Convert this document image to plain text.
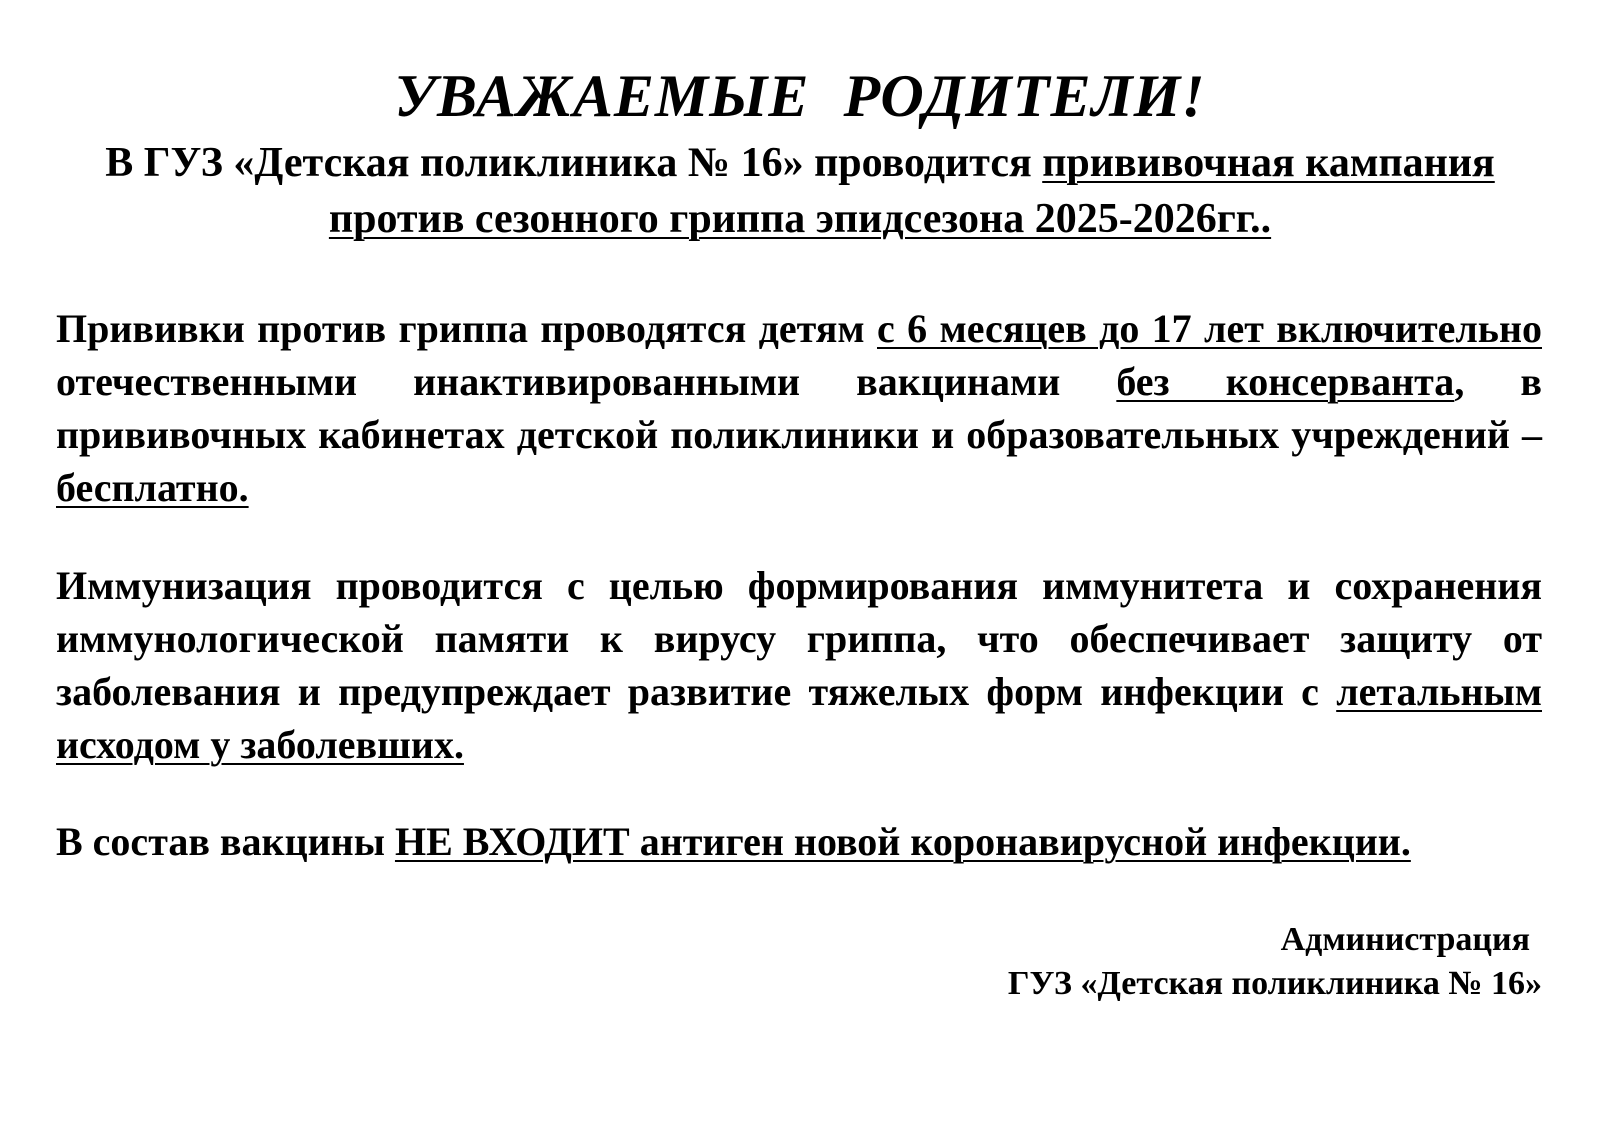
УВАЖАЕМЫЕ РОДИТЕЛИ!
В ГУЗ «Детская поликлиника № 16» проводится прививочная кампания против сезонного гриппа эпидсезона 2025-2026гг..
Прививки против гриппа проводятся детям с 6 месяцев до 17 лет включительно отечественными инактивированными вакцинами без консерванта, в прививочных кабинетах детской поликлиники и образовательных учреждений – бесплатно.
Иммунизация проводится с целью формирования иммунитета и сохранения иммунологической памяти к вирусу гриппа, что обеспечивает защиту от заболевания и предупреждает развитие тяжелых форм инфекции с летальным исходом у заболевших.
В состав вакцины НЕ ВХОДИТ антиген новой коронавирусной инфекции.
Администрация
ГУЗ «Детская поликлиника № 16»
